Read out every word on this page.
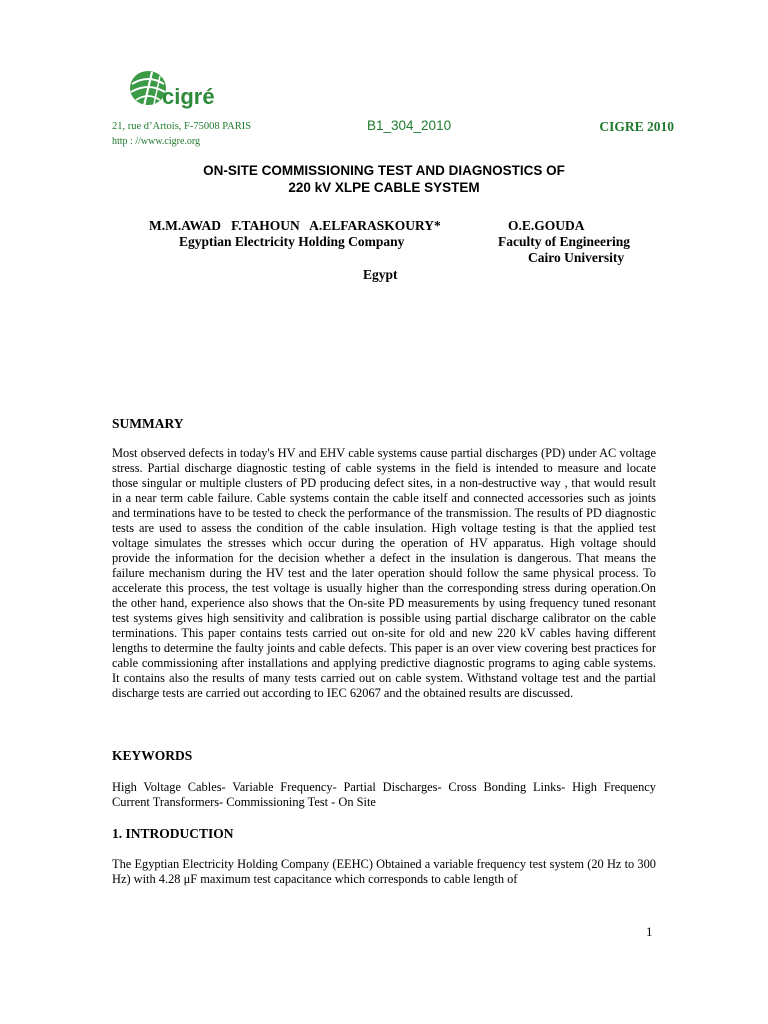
cigré
21, rue d’Artois, F-75008 PARIS	B1_304_2010	CIGRE 2010
http : //www.cigre.org
ON-SITE COMMISSIONING TEST AND DIAGNOSTICS OF
220 kV XLPE CABLE SYSTEM
M.M.AWAD   F.TAHOUN   A.ELFARASKOURY*	O.E.GOUDA
Egyptian Electricity Holding Company	Faculty of Engineering
Cairo University
Egypt
SUMMARY
Most observed defects in today's HV and EHV cable systems cause partial discharges (PD) under AC voltage stress. Partial discharge diagnostic testing of cable systems in the field is intended to measure and locate those singular or multiple clusters of PD producing defect sites, in a non-destructive way , that would result in a near term cable failure. Cable systems contain the cable itself and connected accessories such as joints and terminations have to be tested to check the performance of the transmission. The results of PD diagnostic tests are used to assess the condition of the cable insulation. High voltage testing is that the applied test voltage simulates the stresses which occur during the operation of HV apparatus. High voltage should provide the information for the decision whether a defect in the insulation is dangerous. That means the failure mechanism during the HV test and the later operation should follow the same physical process. To accelerate this process, the test voltage is usually higher than the corresponding stress during operation.On the other hand, experience also shows that the On-site PD measurements by using frequency tuned resonant test systems gives high sensitivity and calibration is possible using partial discharge calibrator on the cable terminations. This paper contains tests carried out on-site for old and new 220 kV cables having different lengths to determine the faulty joints and cable defects. This paper is an over view covering best practices for cable commissioning after installations and applying predictive diagnostic programs to aging cable systems. It contains also the results of many tests carried out on cable system. Withstand voltage test and the partial discharge tests are carried out according to IEC 62067 and the obtained results are discussed.
KEYWORDS
High Voltage Cables- Variable Frequency- Partial Discharges- Cross Bonding Links- High Frequency Current Transformers- Commissioning Test - On Site
1. INTRODUCTION
The Egyptian Electricity Holding Company (EEHC) Obtained a variable frequency test system (20 Hz to 300 Hz) with 4.28 μF maximum test capacitance which corresponds to cable length of
1
